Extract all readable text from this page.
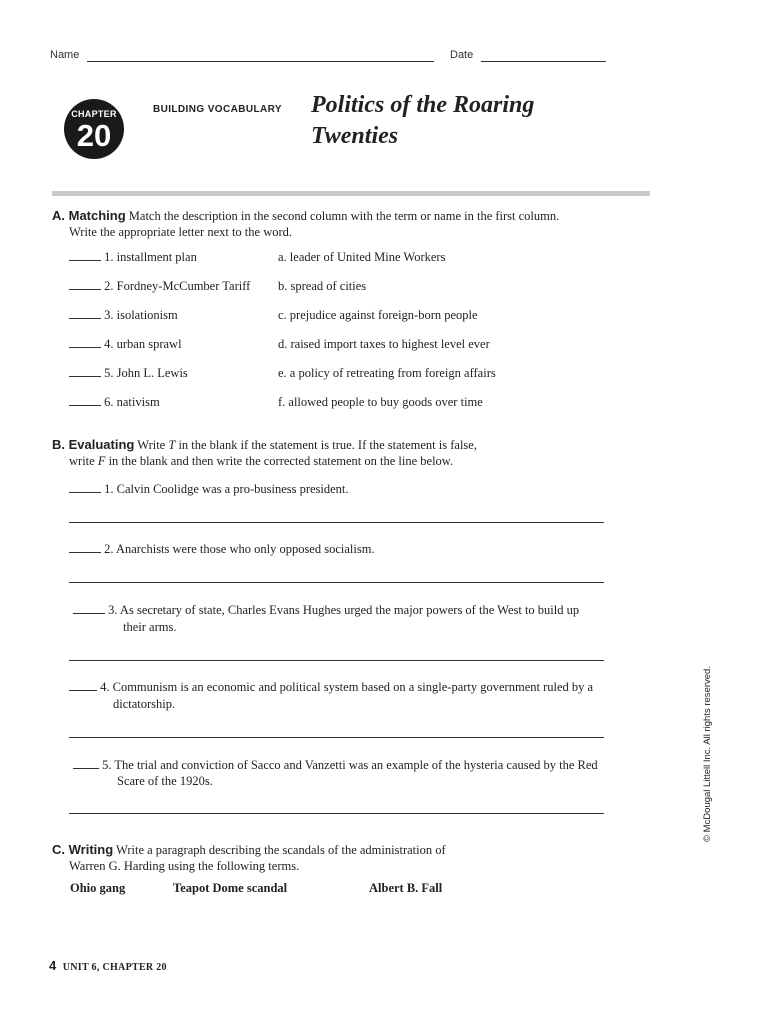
Name	Date
CHAPTER
20
BUILDING VOCABULARY Politics of the Roaring
Twenties
A. Matching Match the description in the second column with the term or name in the first column.
Write the appropriate letter next to the word.
1. installment plan	a. leader of United Mine Workers
2. Fordney-McCumber Tariff b. spread of cities
3. isolationism	c. prejudice against foreign-born people
4. urban sprawl	d. raised import taxes to highest level ever
5. John L. Lewis	e. a policy of retreating from foreign affairs
6. nativism	f. allowed people to buy goods over time
B. Evaluating Write T in the blank if the statement is true. If the statement is false,
write F in the blank and then write the corrected statement on the line below.
1. Calvin Coolidge was a pro-business president.
2. Anarchists were those who only opposed socialism.
3. As secretary of state, Charles Evans Hughes urged the major powers of the West to build up
their arms.
4. Communism is an economic and political system based on a single-party government ruled by a
dictatorship.
5. The trial and conviction of Sacco and Vanzetti was an example of the hysteria caused by the Red
Scare of the 1920s.
C. Writing Write a paragraph describing the scandals of the administration of
Warren G. Harding using the following terms.
Ohio gang	Teapot Dome scandal	Albert B. Fall
© McDougal Littell Inc. All rights reserved.
4 UNIT 6, CHAPTER 20
